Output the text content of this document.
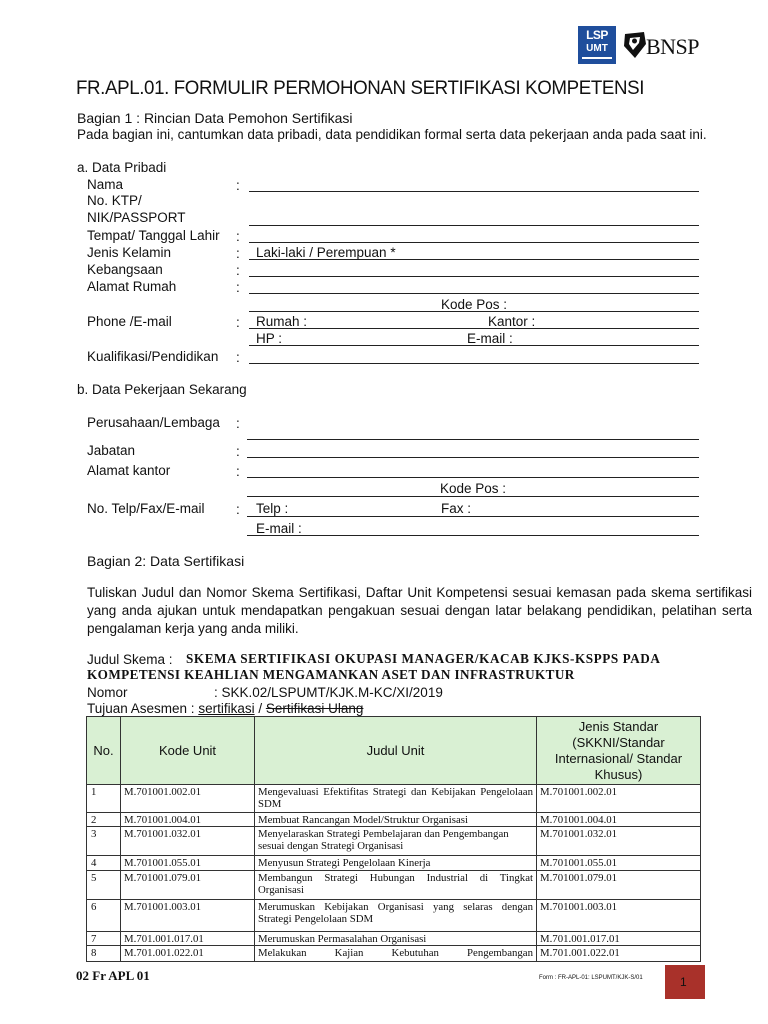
LSP
UMT	BNSP
FR.APL.01. FORMULIR PERMOHONAN SERTIFIKASI KOMPETENSI
Bagian 1 : Rincian Data Pemohon Sertifikasi
Pada bagian ini, cantumkan data pribadi, data pendidikan formal serta data pekerjaan anda pada saat ini.
a. Data Pribadi
Nama	:
No. KTP/
NIK/PASSPORT
Tempat/ Tanggal Lahir :
Jenis Kelamin	: Laki-laki / Perempuan *
Kebangsaan	:
Alamat Rumah	:
Kode Pos :
Phone /E-mail	: Rumah :	Kantor :
HP :	E-mail :
Kualifikasi/Pendidikan :
b. Data Pekerjaan Sekarang
Perusahaan/Lembaga :
Jabatan	:
Alamat kantor	:
Kode Pos :
No. Telp/Fax/E-mail : Telp :	Fax :
E-mail :
Bagian 2: Data Sertifikasi
Tuliskan Judul dan Nomor Skema Sertifikasi, Daftar Unit Kompetensi sesuai kemasan pada skema sertifikasi yang anda ajukan untuk mendapatkan pengakuan sesuai dengan latar belakang pendidikan, pelatihan serta pengalaman kerja yang anda miliki.
Judul Skema : SKEMA SERTIFIKASI OKUPASI MANAGER/KACAB KJKS-KSPPS PADA
KOMPETENSI KEAHLIAN MENGAMANKAN ASET DAN INFRASTRUKTUR
Nomor	: SKK.02/LSPUMT/KJK.M-KC/XI/2019
Tujuan Asesmen : sertifikasi / Sertifikasi Ulang
No.	Kode Unit	Judul Unit	Jenis Standar (SKKNI/Standar Internasional/ Standar Khusus)
1	M.701001.002.01	Mengevaluasi Efektifitas Strategi dan Kebijakan Pengelolaan SDM	M.701001.002.01
2	M.701001.004.01	Membuat Rancangan Model/Struktur Organisasi	M.701001.004.01
3	M.701001.032.01	Menyelaraskan Strategi Pembelajaran dan Pengembangan sesuai dengan Strategi Organisasi	M.701001.032.01
4	M.701001.055.01	Menyusun Strategi Pengelolaan Kinerja	M.701001.055.01
5	M.701001.079.01	Membangun Strategi Hubungan Industrial di Tingkat Organisasi	M.701001.079.01
6	M.701001.003.01	Merumuskan Kebijakan Organisasi yang selaras dengan Strategi Pengelolaan SDM	M.701001.003.01
7	M.701.001.017.01	Merumuskan Permasalahan Organisasi	M.701.001.017.01
8	M.701.001.022.01	Melakukan Kajian Kebutuhan Pengembangan	M.701.001.022.01
02 Fr APL 01	Form : FR-APL-01: LSPUMT/KJK-S/01	1
